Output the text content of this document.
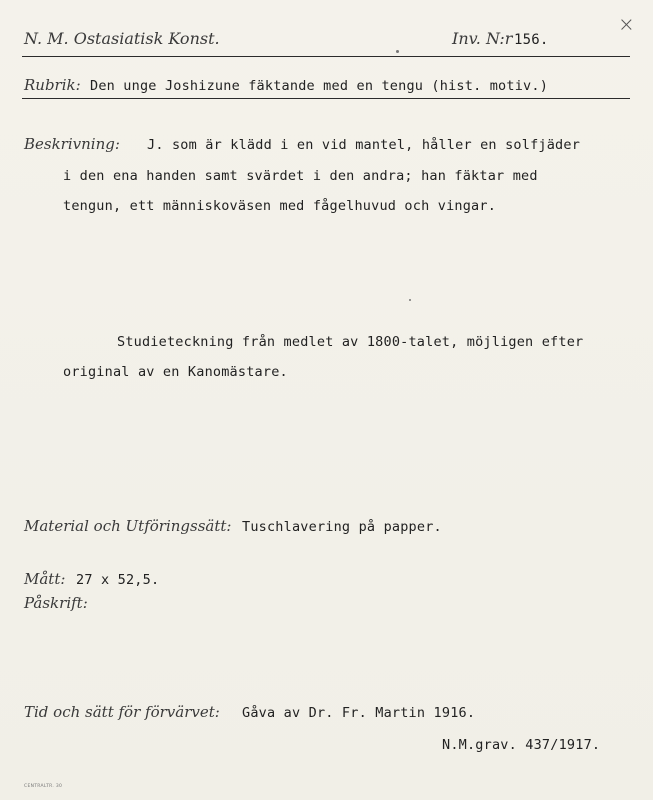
N. M. Ostasiatisk Konst.	Inv. N:r 156.
×
Rubrik: Den unge Joshizune fäktande med en tengu (hist. motiv.)
Beskrivning: J. som är klädd i en vid mantel, håller en solfjäder
i den ena handen samt svärdet i den andra; han fäktar med
tengun, ett människoväsen med fågelhuvud och vingar.
Studieteckning från medlet av 1800-talet, möjligen efter
original av en Kanomästare.
Material och Utföringssätt: Tuschlavering på papper.
Mått: 27 x 52,5.
Påskrift:
Tid och sätt för förvärvet: Gåva av Dr. Fr. Martin 1916.
N.M.grav. 437/1917.
CENTRALTR. 30
